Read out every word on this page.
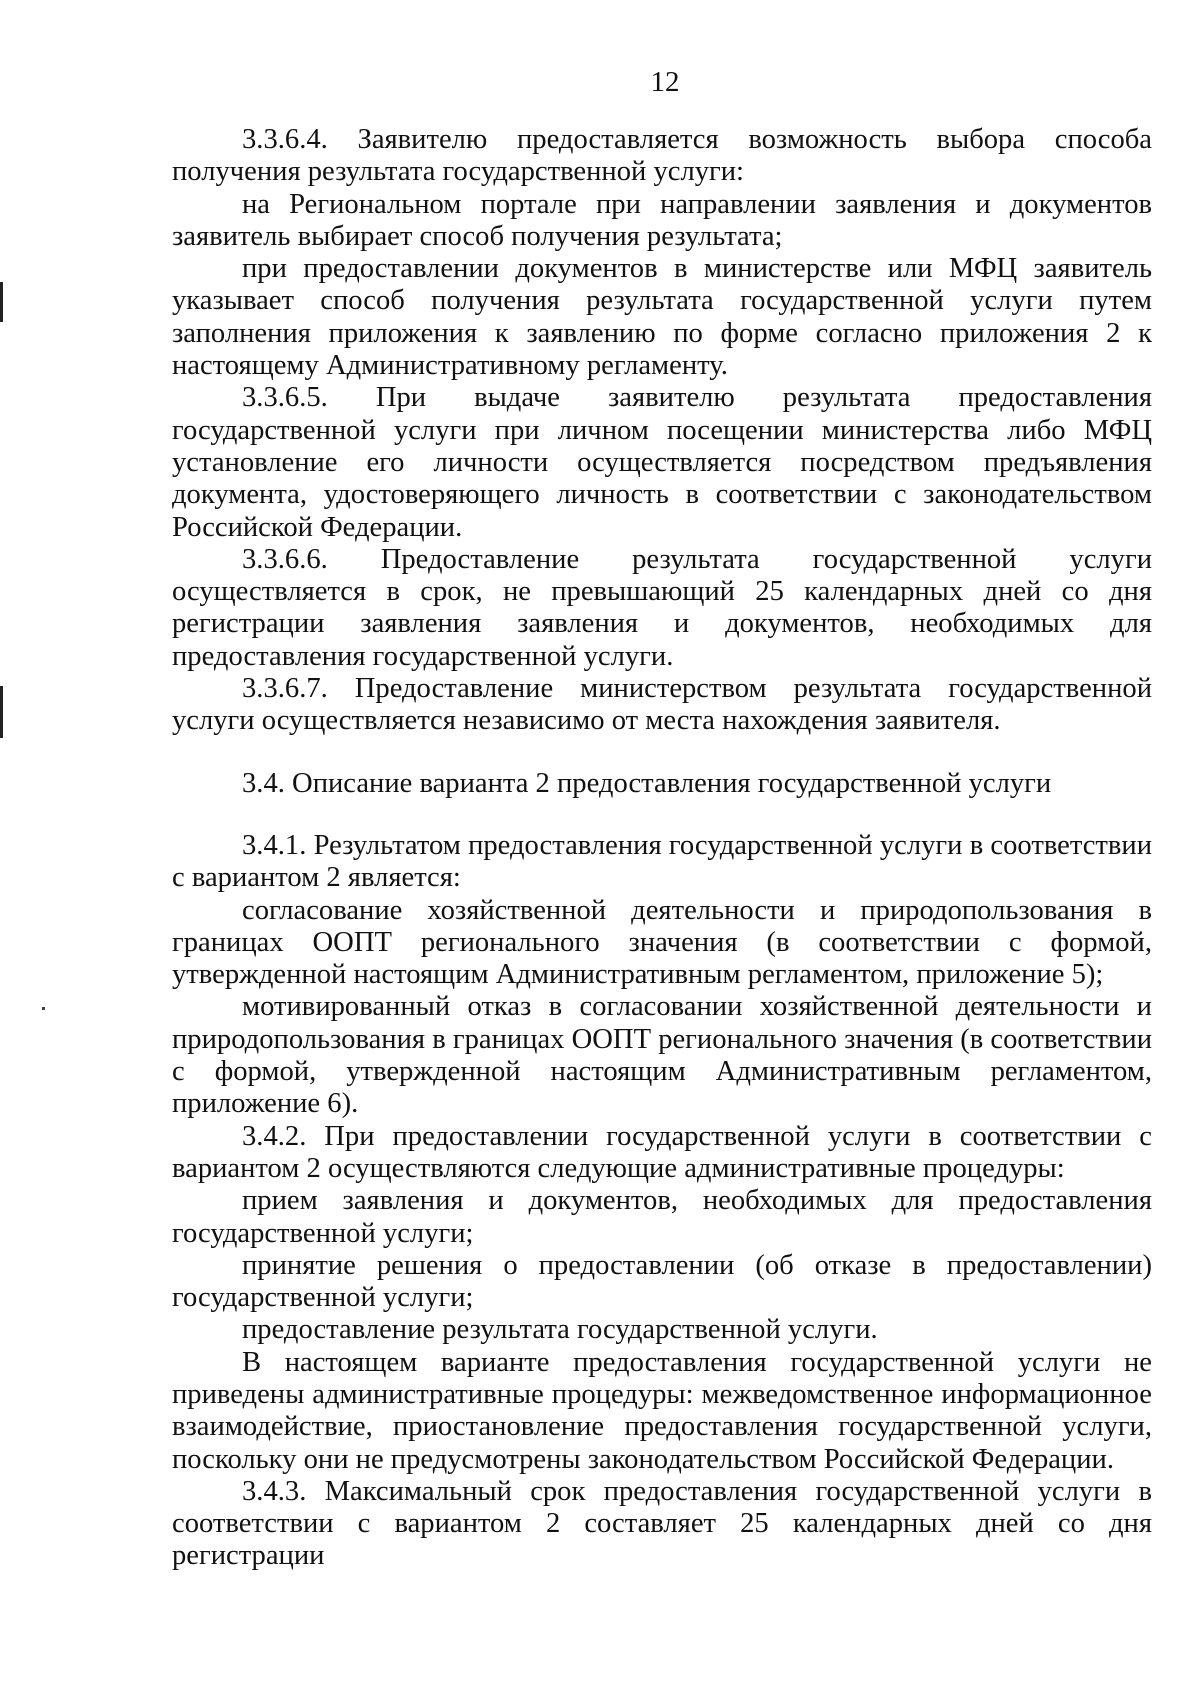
12

3.3.6.4. Заявителю предоставляется возможность выбора способа получения результата государственной услуги:

на Региональном портале при направлении заявления и документов заявитель выбирает способ получения результата;

при предоставлении документов в министерстве или МФЦ заявитель указывает способ получения результата государственной услуги путем заполнения приложения к заявлению по форме согласно приложения 2 к настоящему Административному регламенту.

3.3.6.5. При выдаче заявителю результата предоставления государственной услуги при личном посещении министерства либо МФЦ установление его личности осуществляется посредством предъявления документа, удостоверяющего личность в соответствии с законодательством Российской Федерации.

3.3.6.6. Предоставление результата государственной услуги осуществляется в срок, не превышающий 25 календарных дней со дня регистрации заявления заявления и документов, необходимых для предоставления государственной услуги.

3.3.6.7. Предоставление министерством результата государственной услуги осуществляется независимо от места нахождения заявителя.

3.4. Описание варианта 2 предоставления государственной услуги

3.4.1. Результатом предоставления государственной услуги в соответствии с вариантом 2 является:

согласование хозяйственной деятельности и природопользования в границах ООПТ регионального значения (в соответствии с формой, утвержденной настоящим Административным регламентом, приложение 5);

мотивированный отказ в согласовании хозяйственной деятельности и природопользования в границах ООПТ регионального значения (в соответствии с формой, утвержденной настоящим Административным регламентом, приложение 6).

3.4.2. При предоставлении государственной услуги в соответствии с вариантом 2 осуществляются следующие административные процедуры:

прием заявления и документов, необходимых для предоставления государственной услуги;

принятие решения о предоставлении (об отказе в предоставлении) государственной услуги;

предоставление результата государственной услуги.

В настоящем варианте предоставления государственной услуги не приведены административные процедуры: межведомственное информационное взаимодействие, приостановление предоставления государственной услуги, поскольку они не предусмотрены законодательством Российской Федерации.

3.4.3. Максимальный срок предоставления государственной услуги в соответствии с вариантом 2 составляет 25 календарных дней со дня регистрации
